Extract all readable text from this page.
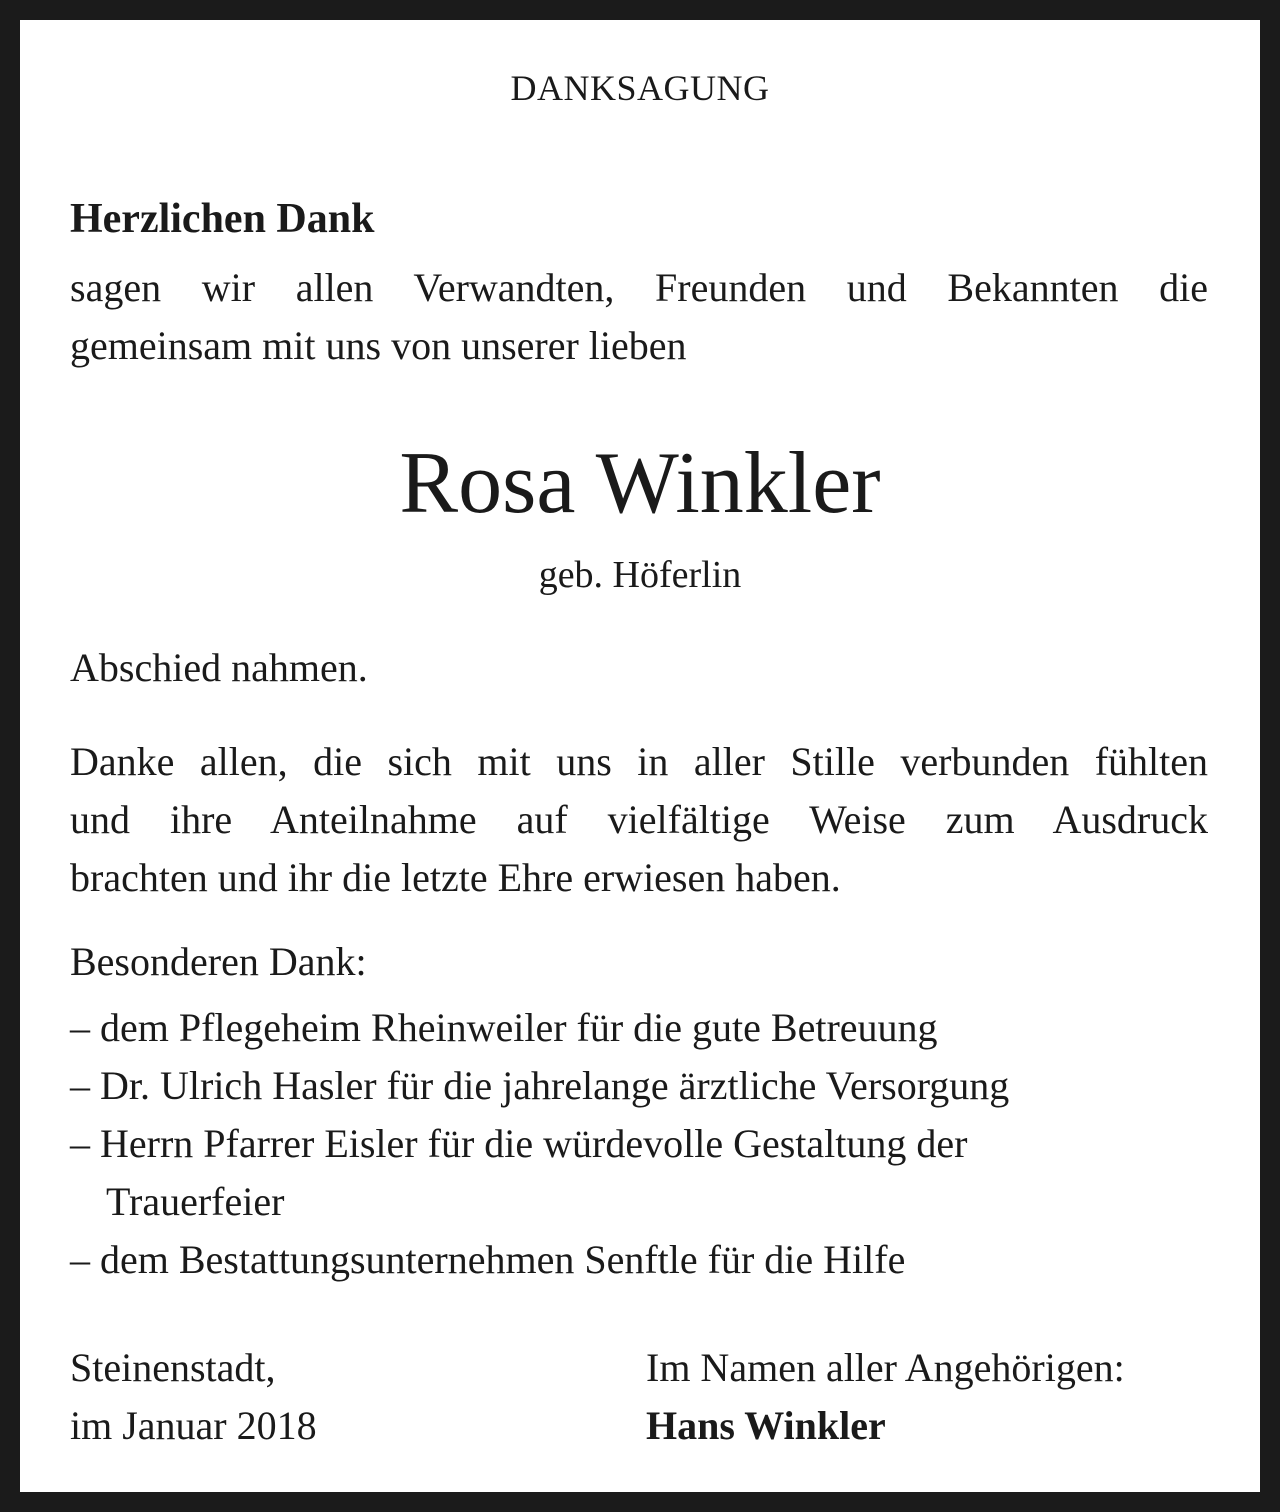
DANKSAGUNG

Herzlichen Dank

sagen wir allen Verwandten, Freunden und Bekannten die

gemeinsam mit uns von unserer lieben

Rosa Winkler

geb. Höferlin

Abschied nahmen.

Danke allen, die sich mit uns in aller Stille verbunden fühlten

und ihre Anteilnahme auf vielfältige Weise zum Ausdruck

brachten und ihr die letzte Ehre erwiesen haben.

Besonderen Dank:

– dem Pflegeheim Rheinweiler für die gute Betreuung

– Dr. Ulrich Hasler für die jahrelange ärztliche Versorgung

– Herrn Pfarrer Eisler für die würdevolle Gestaltung der

Trauerfeier

– dem Bestattungsunternehmen Senftle für die Hilfe

Steinenstadt,

im Januar 2018

Im Namen aller Angehörigen:

Hans Winkler
